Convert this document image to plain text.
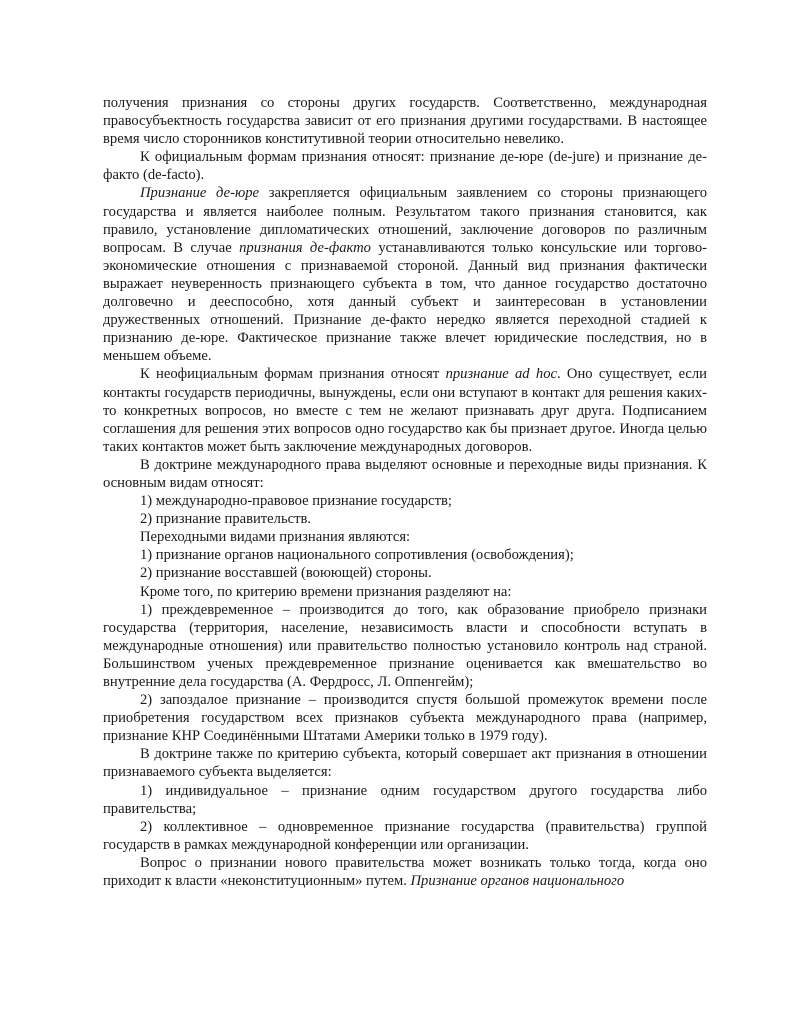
получения признания со стороны других государств. Соответственно, международная правосубъектность государства зависит от его признания другими государствами. В настоящее время число сторонников конститутивной теории относительно невелико.

К официальным формам признания относят: признание де-юре (de-jure) и признание де-факто (de-facto).

Признание де-юре закрепляется официальным заявлением со стороны признающего государства и является наиболее полным. Результатом такого признания становится, как правило, установление дипломатических отношений, заключение договоров по различным вопросам. В случае признания де-факто устанавливаются только консульские или торгово-экономические отношения с признаваемой стороной. Данный вид признания фактически выражает неуверенность признающего субъекта в том, что данное государство достаточно долговечно и дееспособно, хотя данный субъект и заинтересован в установлении дружественных отношений. Признание де-факто нередко является переходной стадией к признанию де-юре. Фактическое признание также влечет юридические последствия, но в меньшем объеме.

К неофициальным формам признания относят признание ad hoc. Оно существует, если контакты государств периодичны, вынуждены, если они вступают в контакт для решения каких-то конкретных вопросов, но вместе с тем не желают признавать друг друга. Подписанием соглашения для решения этих вопросов одно государство как бы признает другое. Иногда целью таких контактов может быть заключение международных договоров.

В доктрине международного права выделяют основные и переходные виды признания. К основным видам относят:

1) международно-правовое признание государств;

2) признание правительств.

Переходными видами признания являются:

1) признание органов национального сопротивления (освобождения);

2) признание восставшей (воюющей) стороны.

Кроме того, по критерию времени признания разделяют на:

1) преждевременное – производится до того, как образование приобрело признаки государства (территория, население, независимость власти и способности вступать в международные отношения) или правительство полностью установило контроль над страной. Большинством ученых преждевременное признание оценивается как вмешательство во внутренние дела государства (А. Фердросс, Л. Оппенгейм);

2) запоздалое признание – производится спустя большой промежуток времени после приобретения государством всех признаков субъекта международного права (например, признание КНР Соединёнными Штатами Америки только в 1979 году).

В доктрине также по критерию субъекта, который совершает акт признания в отношении признаваемого субъекта выделяется:

1) индивидуальное – признание одним государством другого государства либо правительства;

2) коллективное – одновременное признание государства (правительства) группой государств в рамках международной конференции или организации.

Вопрос о признании нового правительства может возникать только тогда, когда оно приходит к власти «неконституционным» путем. Признание органов национального
